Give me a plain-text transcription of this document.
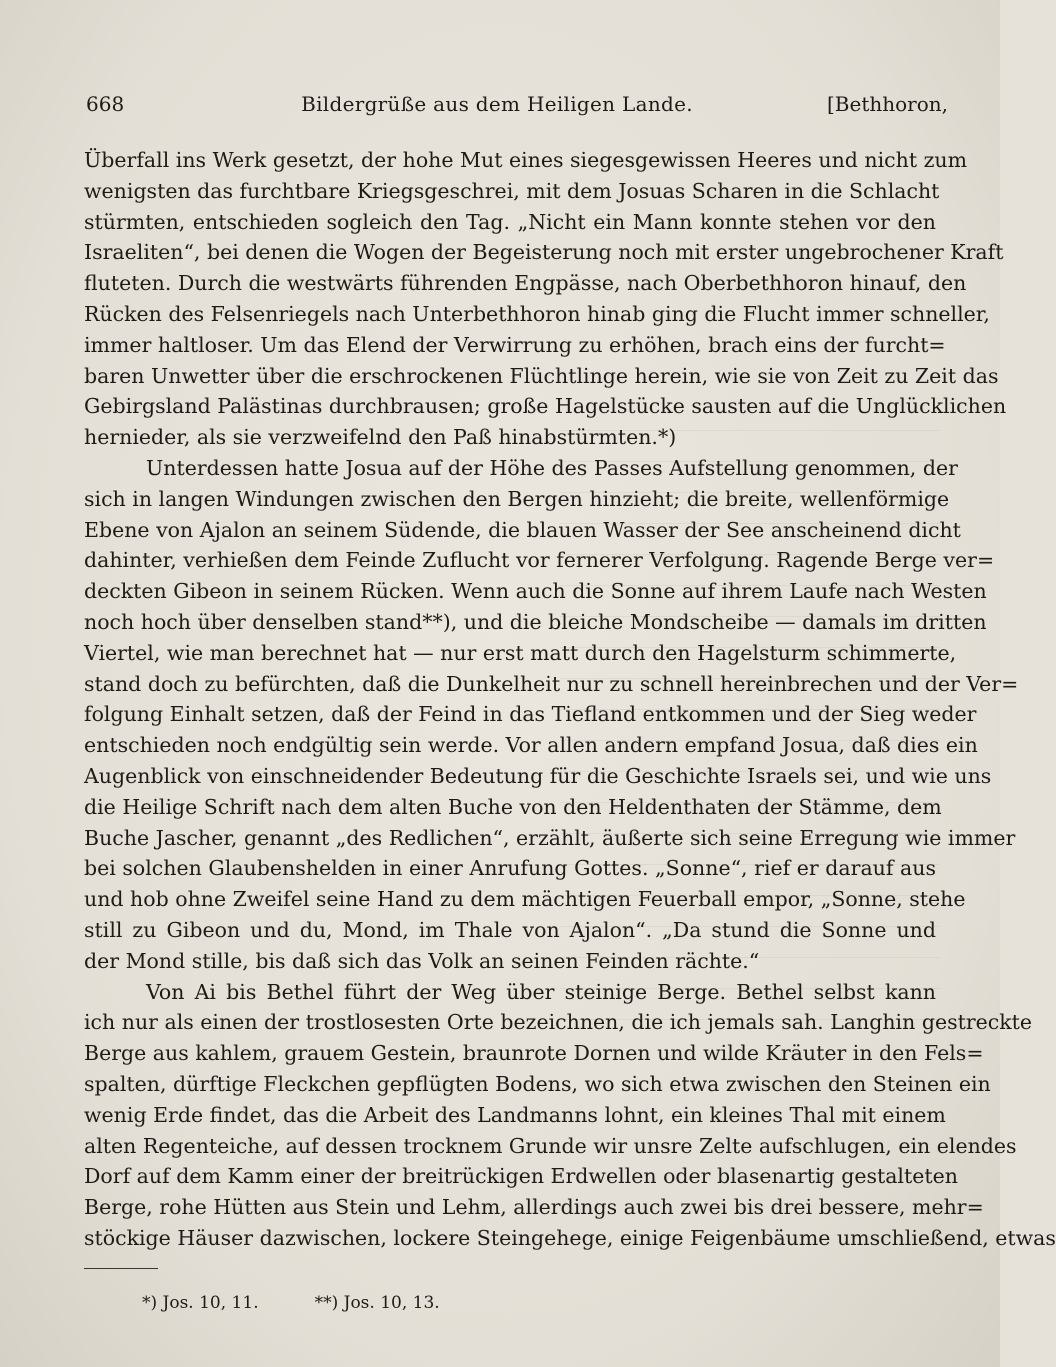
668	Bildergrüße aus dem Heiligen Lande.	[Bethhoron,
Überfall ins Werk gesetzt, der hohe Mut eines siegesgewissen Heeres und nicht zum
wenigsten das furchtbare Kriegsgeschrei, mit dem Josuas Scharen in die Schlacht
stürmten, entschieden sogleich den Tag. „Nicht ein Mann konnte stehen vor den
Israeliten“, bei denen die Wogen der Begeisterung noch mit erster ungebrochener Kraft
fluteten. Durch die westwärts führenden Engpässe, nach Oberbethhoron hinauf, den
Rücken des Felsenriegels nach Unterbethhoron hinab ging die Flucht immer schneller,
immer haltloser. Um das Elend der Verwirrung zu erhöhen, brach eins der furcht=
baren Unwetter über die erschrockenen Flüchtlinge herein, wie sie von Zeit zu Zeit das
Gebirgsland Palästinas durchbrausen; große Hagelstücke sausten auf die Unglücklichen
hernieder, als sie verzweifelnd den Paß hinabstürmten.*)
Unterdessen hatte Josua auf der Höhe des Passes Aufstellung genommen, der
sich in langen Windungen zwischen den Bergen hinzieht; die breite, wellenförmige
Ebene von Ajalon an seinem Südende, die blauen Wasser der See anscheinend dicht
dahinter, verhießen dem Feinde Zuflucht vor fernerer Verfolgung. Ragende Berge ver=
deckten Gibeon in seinem Rücken. Wenn auch die Sonne auf ihrem Laufe nach Westen
noch hoch über denselben stand**), und die bleiche Mondscheibe — damals im dritten
Viertel, wie man berechnet hat — nur erst matt durch den Hagelsturm schimmerte,
stand doch zu befürchten, daß die Dunkelheit nur zu schnell hereinbrechen und der Ver=
folgung Einhalt setzen, daß der Feind in das Tiefland entkommen und der Sieg weder
entschieden noch endgültig sein werde. Vor allen andern empfand Josua, daß dies ein
Augenblick von einschneidender Bedeutung für die Geschichte Israels sei, und wie uns
die Heilige Schrift nach dem alten Buche von den Heldenthaten der Stämme, dem
Buche Jascher, genannt „des Redlichen“, erzählt, äußerte sich seine Erregung wie immer
bei solchen Glaubenshelden in einer Anrufung Gottes. „Sonne“, rief er darauf aus
und hob ohne Zweifel seine Hand zu dem mächtigen Feuerball empor, „Sonne, stehe
still zu Gibeon und du, Mond, im Thale von Ajalon“. „Da stund die Sonne und
der Mond stille, bis daß sich das Volk an seinen Feinden rächte.“
Von Ai bis Bethel führt der Weg über steinige Berge. Bethel selbst kann
ich nur als einen der trostlosesten Orte bezeichnen, die ich jemals sah. Langhin gestreckte
Berge aus kahlem, grauem Gestein, braunrote Dornen und wilde Kräuter in den Fels=
spalten, dürftige Fleckchen gepflügten Bodens, wo sich etwa zwischen den Steinen ein
wenig Erde findet, das die Arbeit des Landmanns lohnt, ein kleines Thal mit einem
alten Regenteiche, auf dessen trocknem Grunde wir unsre Zelte aufschlugen, ein elendes
Dorf auf dem Kamm einer der breitrückigen Erdwellen oder blasenartig gestalteten
Berge, rohe Hütten aus Stein und Lehm, allerdings auch zwei bis drei bessere, mehr=
stöckige Häuser dazwischen, lockere Steingehege, einige Feigenbäume umschließend, etwas
*) Jos. 10, 11.	**) Jos. 10, 13.
